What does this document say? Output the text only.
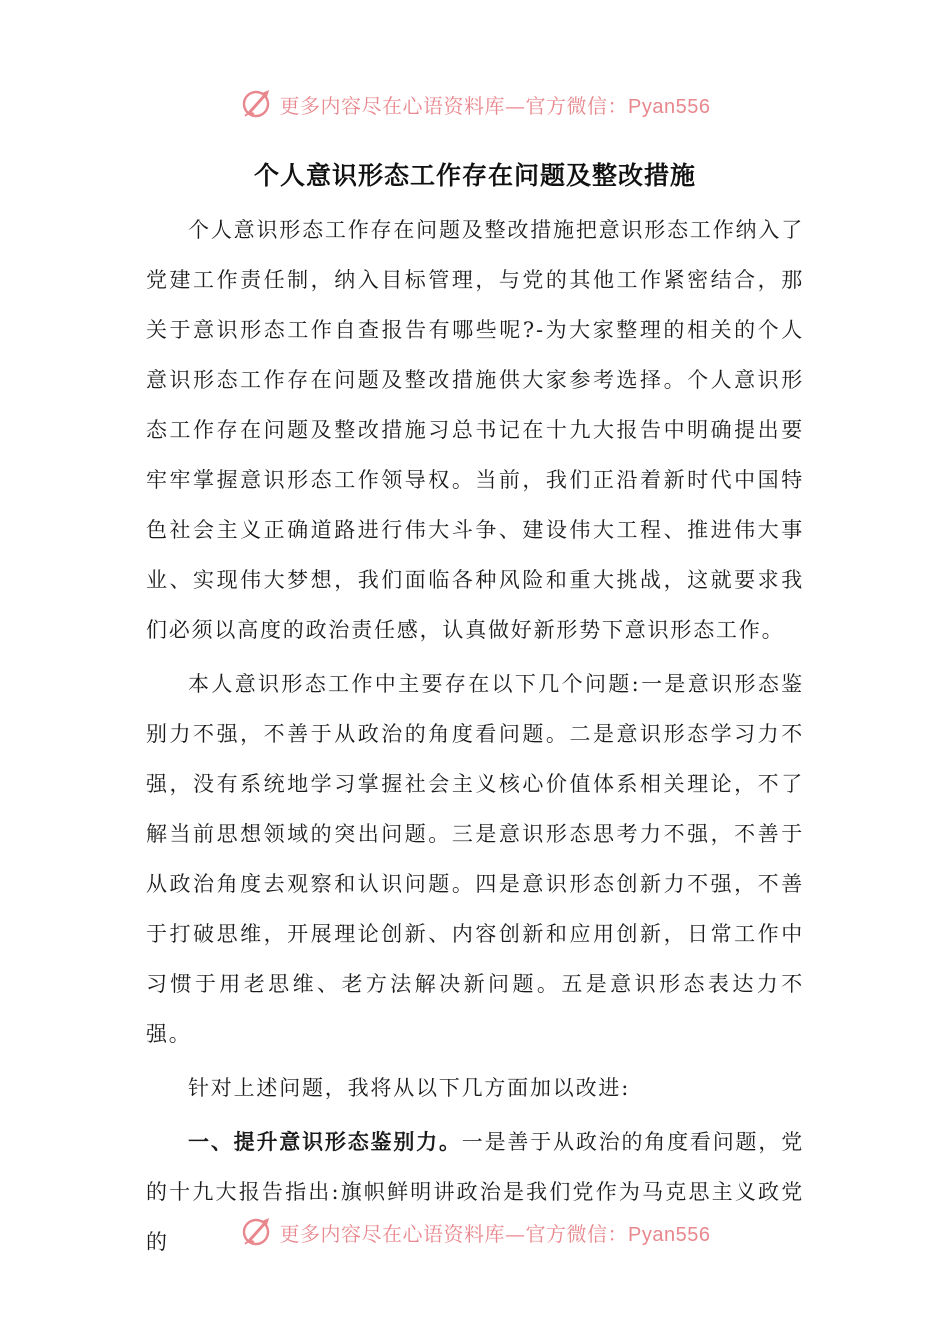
更多内容尽在心语资料库—官方微信：Pyan556
个人意识形态工作存在问题及整改措施

个人意识形态工作存在问题及整改措施把意识形态工作纳入了党建工作责任制，纳入目标管理，与党的其他工作紧密结合，那关于意识形态工作自查报告有哪些呢?-为大家整理的相关的个人意识形态工作存在问题及整改措施供大家参考选择。个人意识形态工作存在问题及整改措施习总书记在十九大报告中明确提出要牢牢掌握意识形态工作领导权。当前，我们正沿着新时代中国特色社会主义正确道路进行伟大斗争、建设伟大工程、推进伟大事业、实现伟大梦想，我们面临各种风险和重大挑战，这就要求我们必须以高度的政治责任感，认真做好新形势下意识形态工作。

本人意识形态工作中主要存在以下几个问题:一是意识形态鉴别力不强，不善于从政治的角度看问题。二是意识形态学习力不强，没有系统地学习掌握社会主义核心价值体系相关理论，不了解当前思想领域的突出问题。三是意识形态思考力不强，不善于从政治角度去观察和认识问题。四是意识形态创新力不强，不善于打破思维，开展理论创新、内容创新和应用创新，日常工作中习惯于用老思维、老方法解决新问题。五是意识形态表达力不强。

针对上述问题，我将从以下几方面加以改进:

一、提升意识形态鉴别力。一是善于从政治的角度看问题，党的十九大报告指出:旗帜鲜明讲政治是我们党作为马克思主义政党的	更多内容尽在心语资料库—官方微信：Pyan556
